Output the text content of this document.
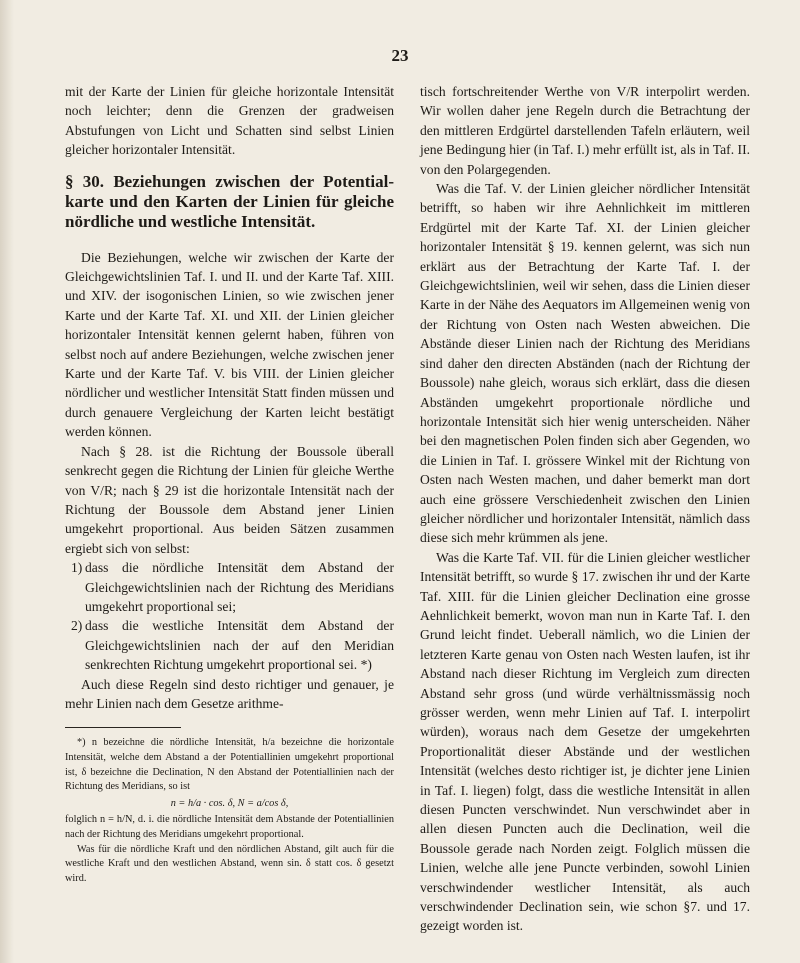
23

mit der Karte der Linien für gleiche horizontale Intensität noch leichter; denn die Grenzen der gradweisen Abstufungen von Licht und Schatten sind selbst Linien gleicher horizontaler Intensität.

§ 30. Beziehungen zwischen der Potential-karte und den Karten der Linien für gleiche nördliche und westliche Intensität.

Die Beziehungen, welche wir zwischen der Karte der Gleichgewichtslinien Taf. I. und II. und der Karte Taf. XIII. und XIV. der isogonischen Linien, so wie zwischen jener Karte und der Karte Taf. XI. und XII. der Linien gleicher horizontaler Intensität kennen gelernt haben, führen von selbst noch auf andere Beziehungen, welche zwischen jener Karte und der Karte Taf. V. bis VIII. der Linien gleicher nördlicher und westlicher Intensität Statt finden müssen und durch genauere Vergleichung der Karten leicht bestätigt werden können.

Nach § 28. ist die Richtung der Boussole überall senkrecht gegen die Richtung der Linien für gleiche Werthe von V/R; nach § 29 ist die horizontale Intensität nach der Richtung der Boussole dem Abstand jener Linien umgekehrt proportional. Aus beiden Sätzen zusammen ergiebt sich von selbst:

1) dass die nördliche Intensität dem Abstand der Gleichgewichtslinien nach der Richtung des Meridians umgekehrt proportional sei;
2) dass die westliche Intensität dem Abstand der Gleichgewichtslinien nach der auf den Meridian senkrechten Richtung umgekehrt proportional sei. *)

Auch diese Regeln sind desto richtiger und genauer, je mehr Linien nach dem Gesetze arithme-

*) n bezeichne die nördliche Intensität, h/a bezeichne die horizontale Intensität, welche dem Abstand a der Potentiallinien umgekehrt proportional ist, δ bezeichne die Declination, N den Abstand der Potentiallinien nach der Richtung des Meridians, so ist

n = h/a · cos. δ, N = a/cos δ,

folglich n = h/N, d. i. die nördliche Intensität dem Abstande der Potentiallinien nach der Richtung des Meridians umgekehrt proportional.

Was für die nördliche Kraft und den nördlichen Abstand, gilt auch für die westliche Kraft und den westlichen Abstand, wenn sin. δ statt cos. δ gesetzt wird.

tisch fortschreitender Werthe von V/R interpolirt werden. Wir wollen daher jene Regeln durch die Betrachtung der den mittleren Erdgürtel darstellenden Tafeln erläutern, weil jene Bedingung hier (in Taf. I.) mehr erfüllt ist, als in Taf. II. von den Polargegenden.

Was die Taf. V. der Linien gleicher nördlicher Intensität betrifft, so haben wir ihre Aehnlichkeit im mittleren Erdgürtel mit der Karte Taf. XI. der Linien gleicher horizontaler Intensität § 19. kennen gelernt, was sich nun erklärt aus der Betrachtung der Karte Taf. I. der Gleichgewichtslinien, weil wir sehen, dass die Linien dieser Karte in der Nähe des Aequators im Allgemeinen wenig von der Richtung von Osten nach Westen abweichen. Die Abstände dieser Linien nach der Richtung des Meridians sind daher den directen Abständen (nach der Richtung der Boussole) nahe gleich, woraus sich erklärt, dass die diesen Abständen umgekehrt proportionale nördliche und horizontale Intensität sich hier wenig unterscheiden. Näher bei den magnetischen Polen finden sich aber Gegenden, wo die Linien in Taf. I. grössere Winkel mit der Richtung von Osten nach Westen machen, und daher bemerkt man dort auch eine grössere Verschiedenheit zwischen den Linien gleicher nördlicher und horizontaler Intensität, nämlich dass diese sich mehr krümmen als jene.

Was die Karte Taf. VII. für die Linien gleicher westlicher Intensität betrifft, so wurde § 17. zwischen ihr und der Karte Taf. XIII. für die Linien gleicher Declination eine grosse Aehnlichkeit bemerkt, wovon man nun in Karte Taf. I. den Grund leicht findet. Ueberall nämlich, wo die Linien der letzteren Karte genau von Osten nach Westen laufen, ist ihr Abstand nach dieser Richtung im Vergleich zum directen Abstand sehr gross (und würde verhältnissmässig noch grösser werden, wenn mehr Linien auf Taf. I. interpolirt würden), woraus nach dem Gesetze der umgekehrten Proportionalität dieser Abstände und der westlichen Intensität (welches desto richtiger ist, je dichter jene Linien in Taf. I. liegen) folgt, dass die westliche Intensität in allen diesen Puncten verschwindet. Nun verschwindet aber in allen diesen Puncten auch die Declination, weil die Boussole gerade nach Norden zeigt. Folglich müssen die Linien, welche alle jene Puncte verbinden, sowohl Linien verschwindender westlicher Intensität, als auch verschwindender Declination sein, wie schon §7. und 17. gezeigt worden ist.
